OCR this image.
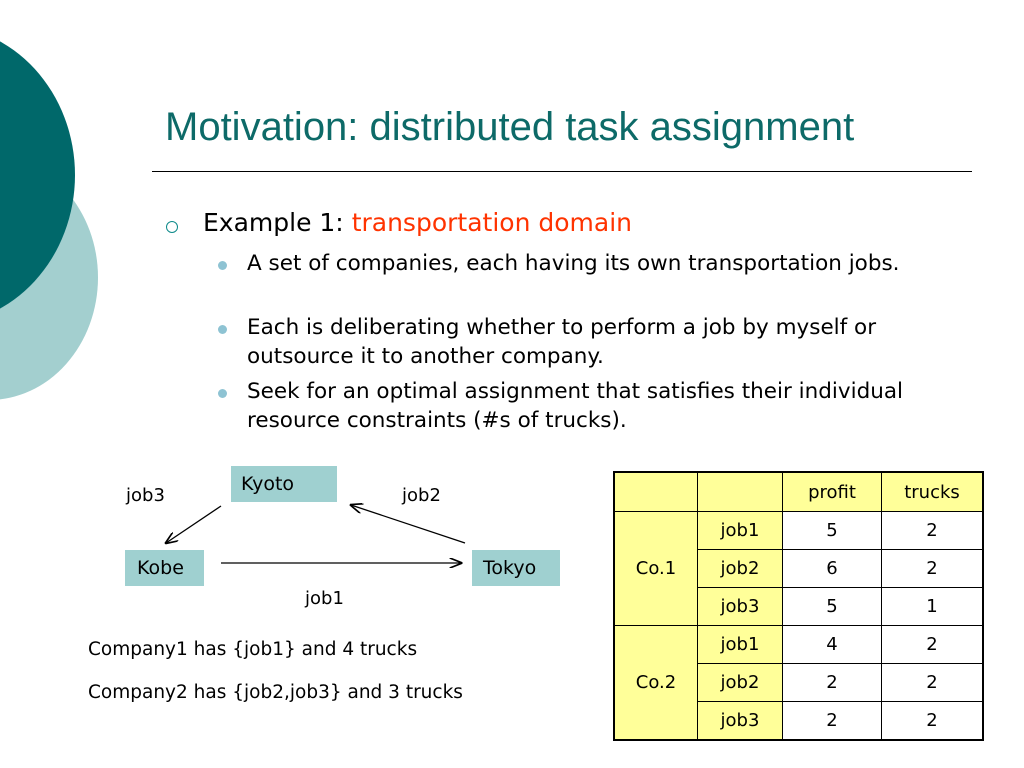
Motivation: distributed task assignment
Example 1: transportation domain
A set of companies, each having its own transportation jobs.
Each is deliberating whether to perform a job by myself or outsource it to another company.
Seek for an optimal assignment that satisfies their individual resource constraints (#s of trucks).
Kyoto
Kobe	Tokyo
job3	job2
job1
Company1 has {job1} and 4 trucks
Company2 has {job2,job3} and 3 trucks
		profit	trucks
Co.1	job1	5	2
	job2	6	2
	job3	5	1
Co.2	job1	4	2
	job2	2	2
	job3	2	2
